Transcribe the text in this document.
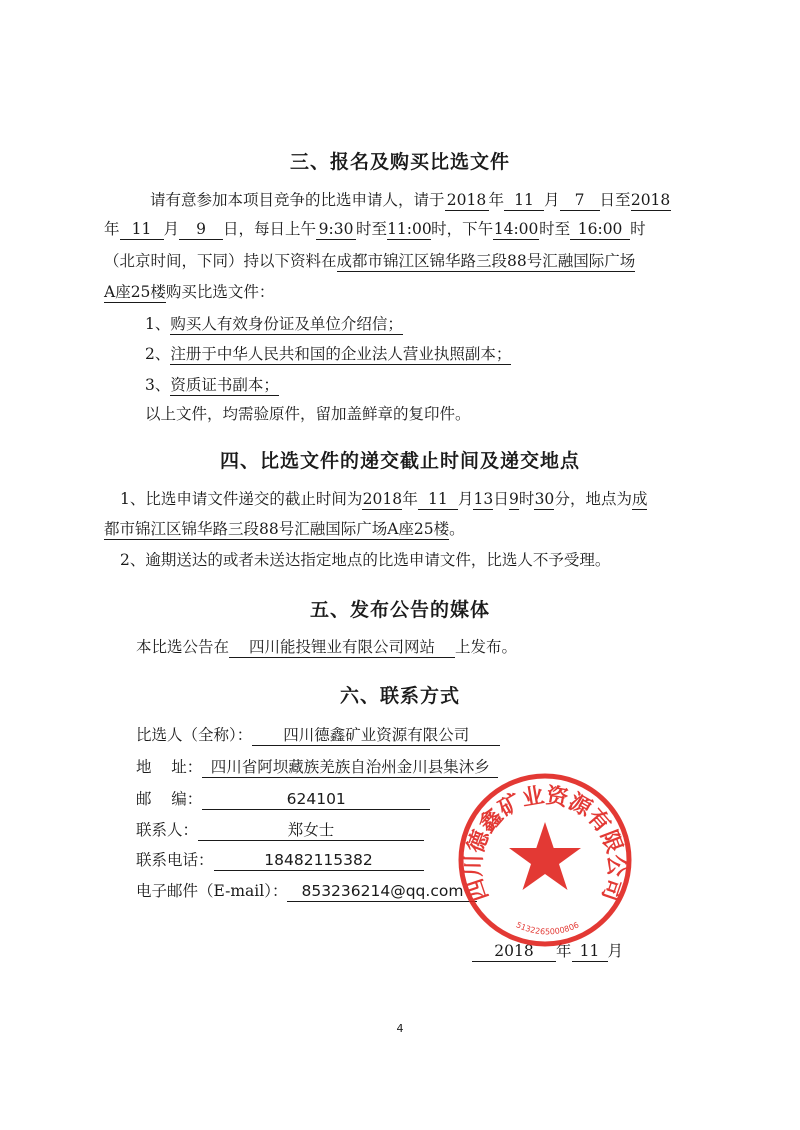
三、报名及购买比选文件
请有意参加本项目竞争的比选申请人，请于 2018 年 11 月 7 日至2018
年 11 月 9 日，每日上午 9:30 时至11:00时，下午14:00时至 16:00 时
（北京时间，下同）持以下资料在成都市锦江区锦华路三段88号汇融国际广场
A座25楼购买比选文件：
1、购买人有效身份证及单位介绍信；
2、注册于中华人民共和国的企业法人营业执照副本；
3、资质证书副本；
以上文件，均需验原件，留加盖鲜章的复印件。
四、比选文件的递交截止时间及递交地点
1、比选申请文件递交的截止时间为2018年 11 月13日9时30分，地点为成
都市锦江区锦华路三段88号汇融国际广场A座25楼。
2、逾期送达的或者未送达指定地点的比选申请文件，比选人不予受理。
五、发布公告的媒体
本比选公告在 四川能投锂业有限公司网站 上发布。
六、联系方式
比选人（全称）： 四川德鑫矿业资源有限公司
地    址： 四川省阿坝藏族羌族自治州金川县集沐乡
邮    编：	624101
联系人：	郑女士
联系电话：	18482115382
电子邮件（E-mail）： 853236214@qq.com
2018 年 11 月
四川德鑫矿业资源有限公司
5132265000806
4
